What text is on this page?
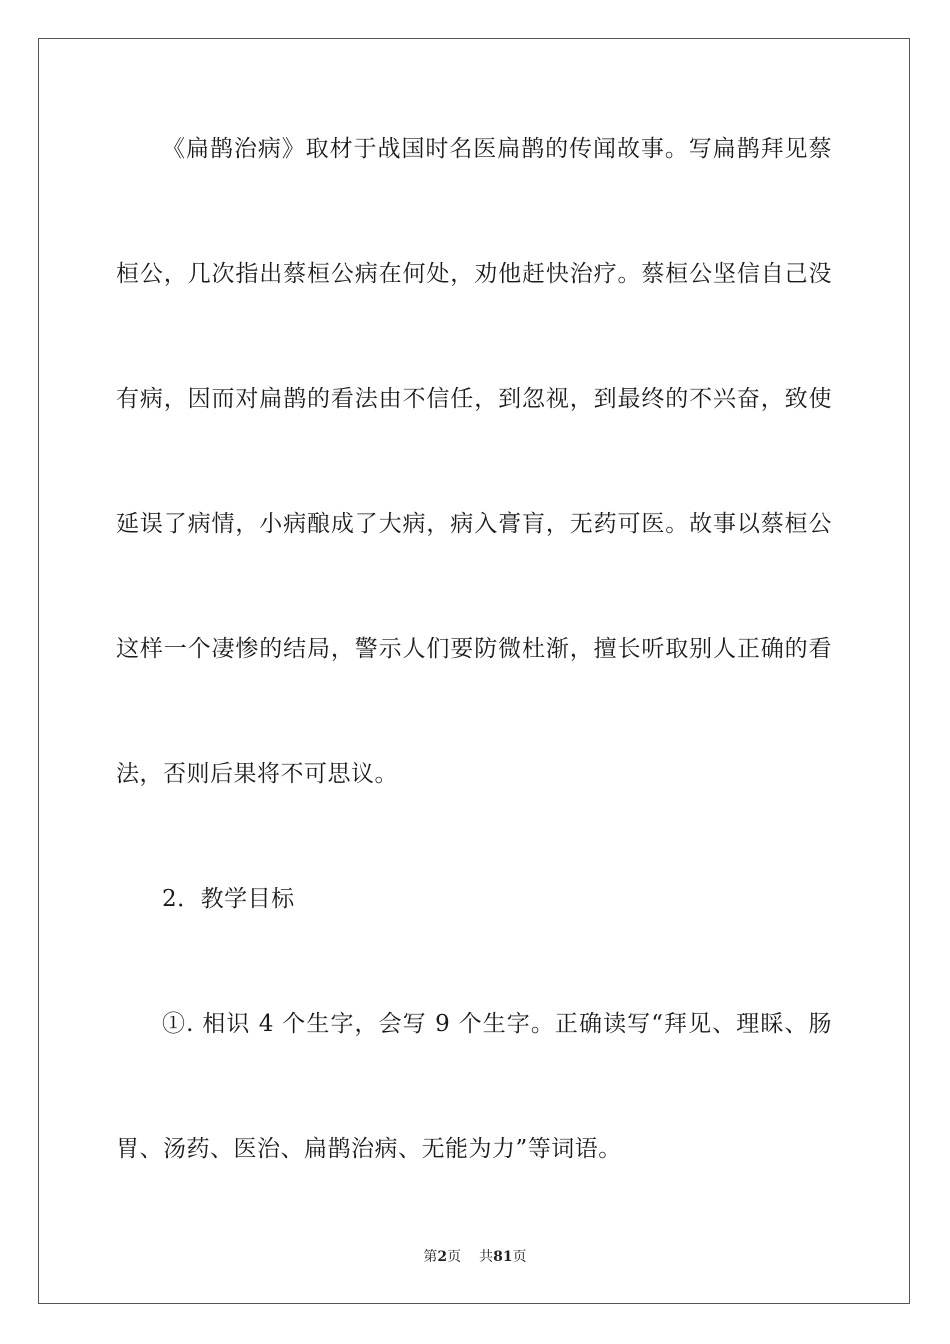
《扁鹊治病》取材于战国时名医扁鹊的传闻故事。写扁鹊拜见蔡
桓公，几次指出蔡桓公病在何处，劝他赶快治疗。蔡桓公坚信自己没
有病，因而对扁鹊的看法由不信任，到忽视，到最终的不兴奋，致使
延误了病情，小病酿成了大病，病入膏肓，无药可医。故事以蔡桓公
这样一个凄惨的结局，警示人们要防微杜渐，擅长听取别人正确的看
法，否则后果将不可思议。
2．教学目标
①. 相识 4 个生字，会写 9 个生字。正确读写“拜见、理睬、肠
胃、汤药、医治、扁鹊治病、无能为力”等词语。
第2页 共81页
